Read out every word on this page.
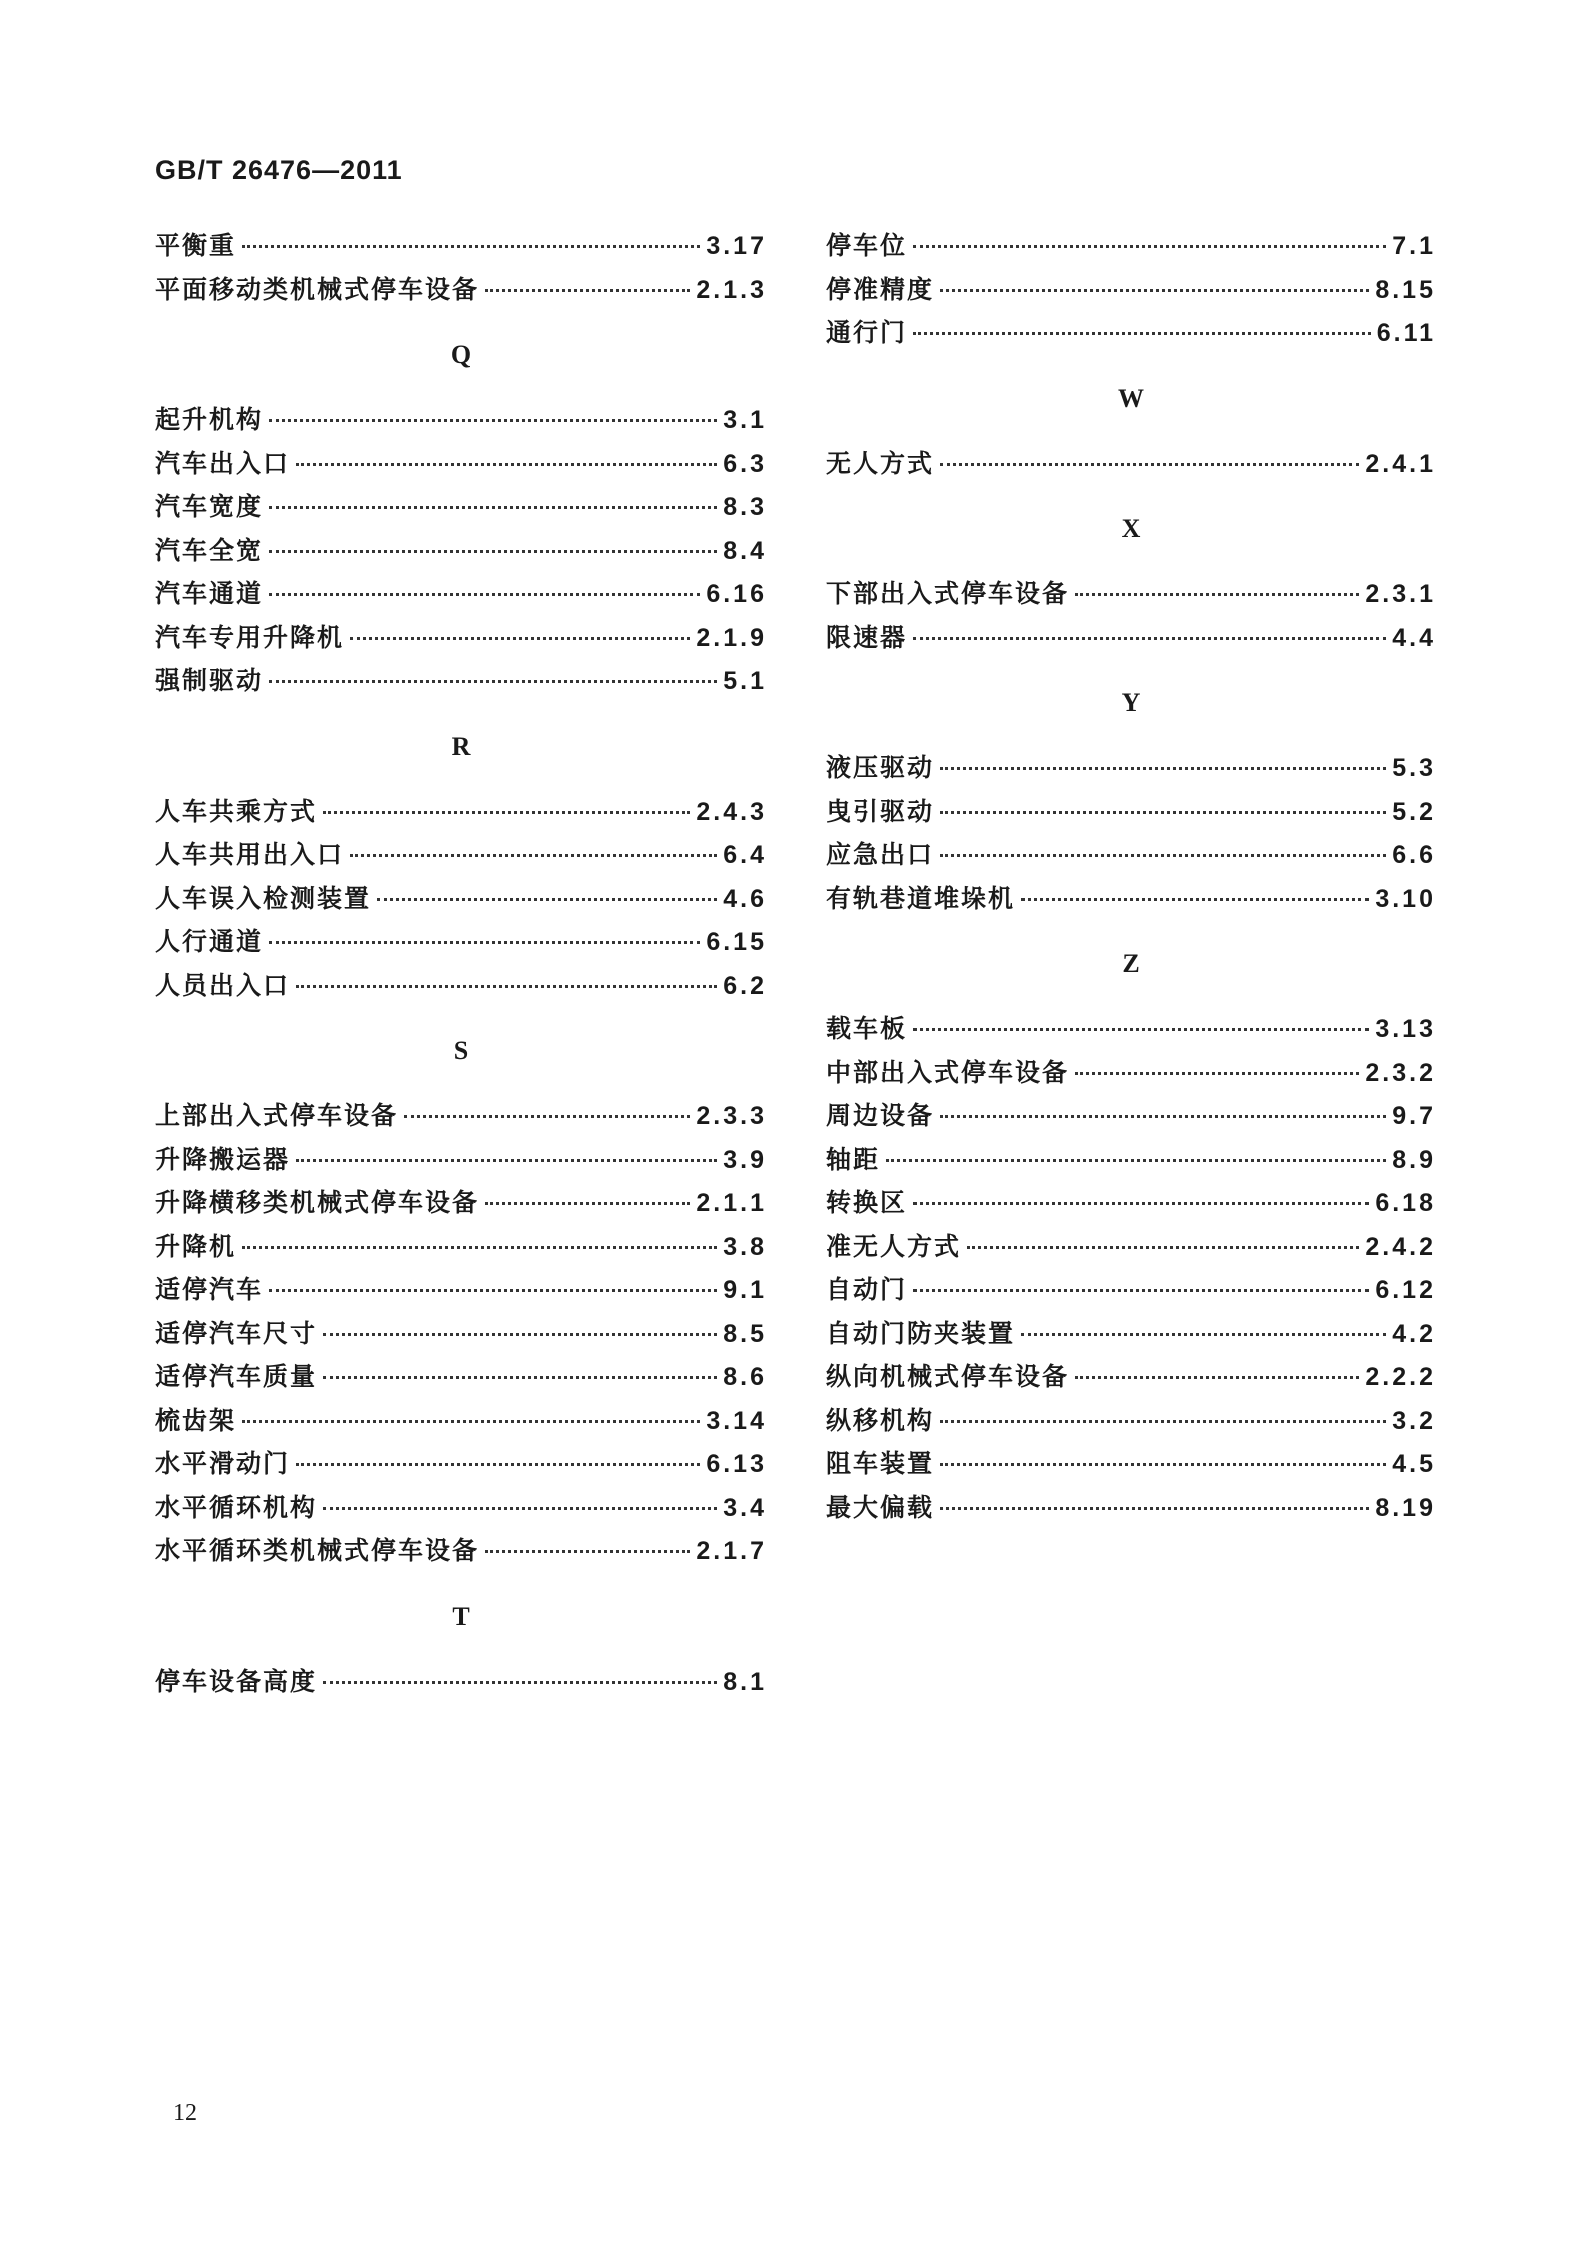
GB/T 26476—2011
平衡重	3.17
平面移动类机械式停车设备	2.1.3
Q
起升机构	3.1
汽车出入口	6.3
汽车宽度	8.3
汽车全宽	8.4
汽车通道	6.16
汽车专用升降机	2.1.9
强制驱动	5.1
R
人车共乘方式	2.4.3
人车共用出入口	6.4
人车误入检测装置	4.6
人行通道	6.15
人员出入口	6.2
S
上部出入式停车设备	2.3.3
升降搬运器	3.9
升降横移类机械式停车设备	2.1.1
升降机	3.8
适停汽车	9.1
适停汽车尺寸	8.5
适停汽车质量	8.6
梳齿架	3.14
水平滑动门	6.13
水平循环机构	3.4
水平循环类机械式停车设备	2.1.7
T
停车设备高度	8.1
停车位	7.1
停准精度	8.15
通行门	6.11
W
无人方式	2.4.1
X
下部出入式停车设备	2.3.1
限速器	4.4
Y
液压驱动	5.3
曳引驱动	5.2
应急出口	6.6
有轨巷道堆垛机	3.10
Z
载车板	3.13
中部出入式停车设备	2.3.2
周边设备	9.7
轴距	8.9
转换区	6.18
准无人方式	2.4.2
自动门	6.12
自动门防夹装置	4.2
纵向机械式停车设备	2.2.2
纵移机构	3.2
阻车装置	4.5
最大偏载	8.19
12
